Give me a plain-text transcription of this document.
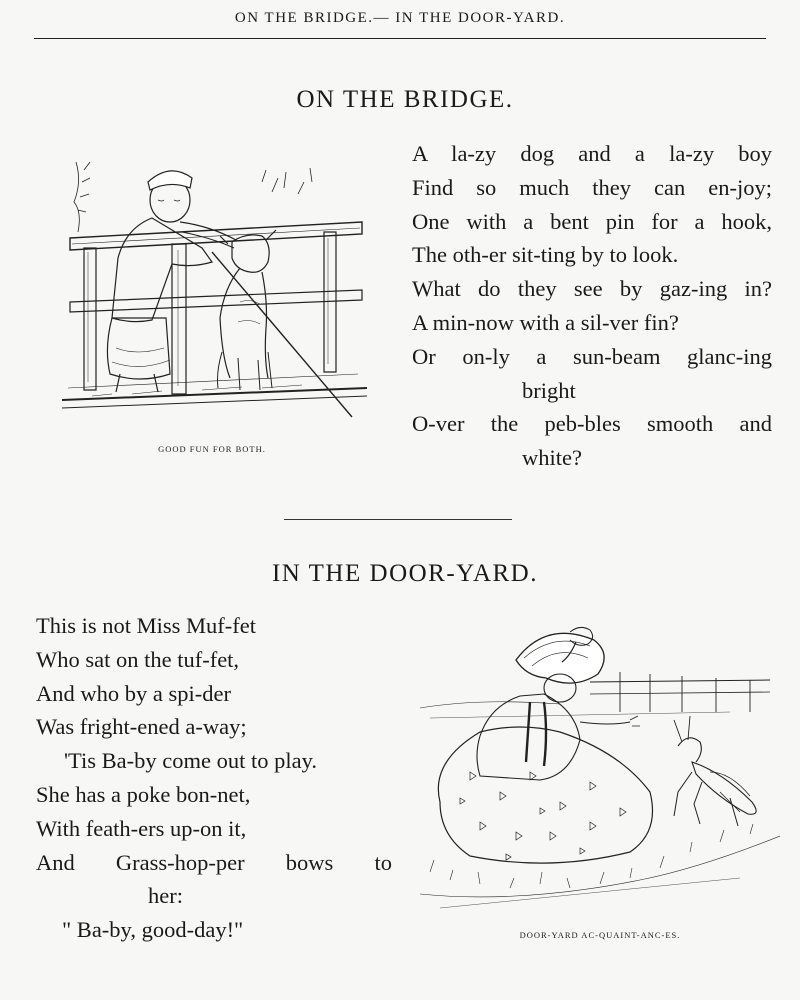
ON THE BRIDGE.— IN THE DOOR-YARD.
ON THE BRIDGE.
GOOD FUN FOR BOTH.
A la-zy dog and a la-zy boy
Find so much they can en-joy;
One with a bent pin for a hook,
The oth-er sit-ting by to look.
What do they see by gaz-ing in?
A min-now with a sil-ver fin?
Or on-ly a sun-beam glanc-ing
bright
O-ver the peb-bles smooth and
white?
IN THE DOOR-YARD.
This is not Miss Muf-fet
Who sat on the tuf-fet,
And who by a spi-der
Was fright-ened a-way;
'Tis Ba-by come out to play.
She has a poke bon-net,
With feath-ers up-on it,
And Grass-hop-per bows to
her:
" Ba-by, good-day!"	DOOR-YARD AC-QUAINT-ANC-ES.
